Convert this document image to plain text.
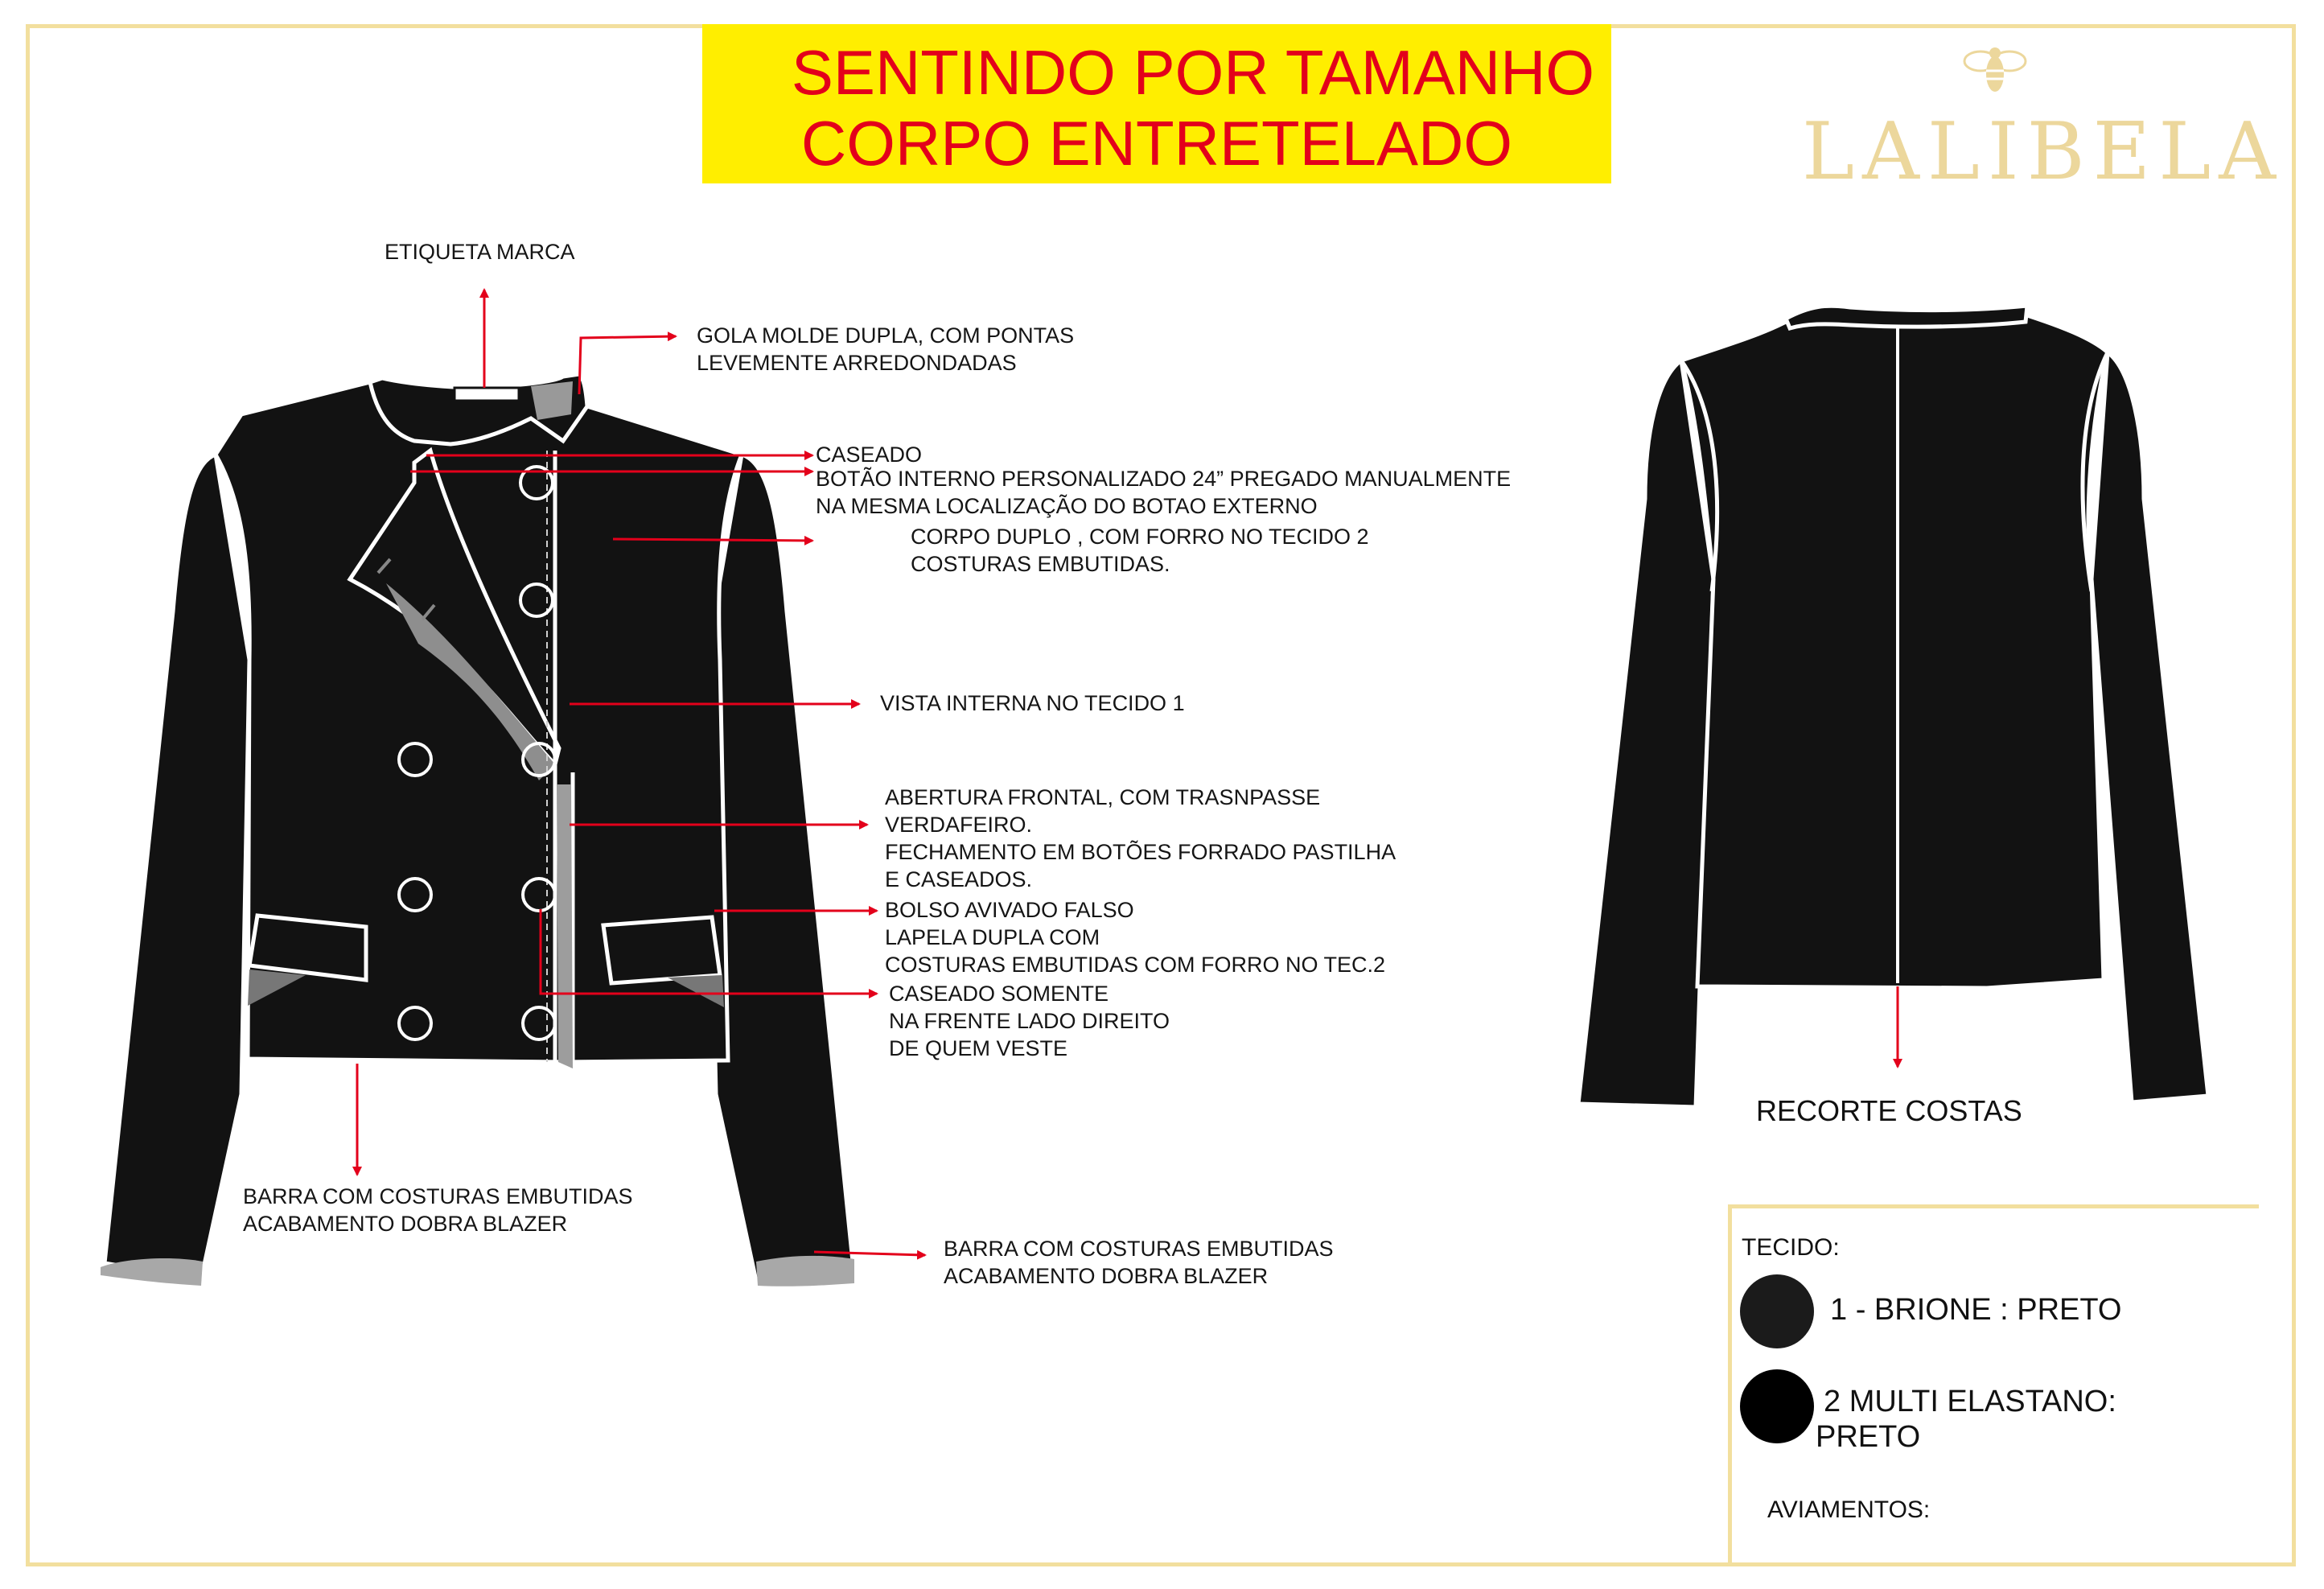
SENTINDO POR TAMANHO
CORPO ENTRETELADO	LALIBELA
ETIQUETA MARCA
GOLA MOLDE DUPLA, COM PONTAS
LEVEMENTE ARREDONDADAS
CASEADO
BOTÃO INTERNO PERSONALIZADO 24” PREGADO MANUALMENTE
NA MESMA LOCALIZAÇÃO DO BOTAO EXTERNO
CORPO DUPLO , COM FORRO NO TECIDO 2
COSTURAS EMBUTIDAS.
VISTA INTERNA NO TECIDO 1
ABERTURA FRONTAL, COM TRASNPASSE
VERDAFEIRO.
FECHAMENTO EM BOTÕES FORRADO PASTILHA
E CASEADOS.
BOLSO AVIVADO FALSO
LAPELA DUPLA COM
COSTURAS EMBUTIDAS COM FORRO NO TEC.2
CASEADO SOMENTE
NA FRENTE LADO DIREITO
DE QUEM VESTE
BARRA COM COSTURAS EMBUTIDAS
ACABAMENTO DOBRA BLAZER
BARRA COM COSTURAS EMBUTIDAS
ACABAMENTO DOBRA BLAZER
RECORTE COSTAS
TECIDO:
1 - BRIONE : PRETO
2 MULTI ELASTANO:
PRETO
AVIAMENTOS:
